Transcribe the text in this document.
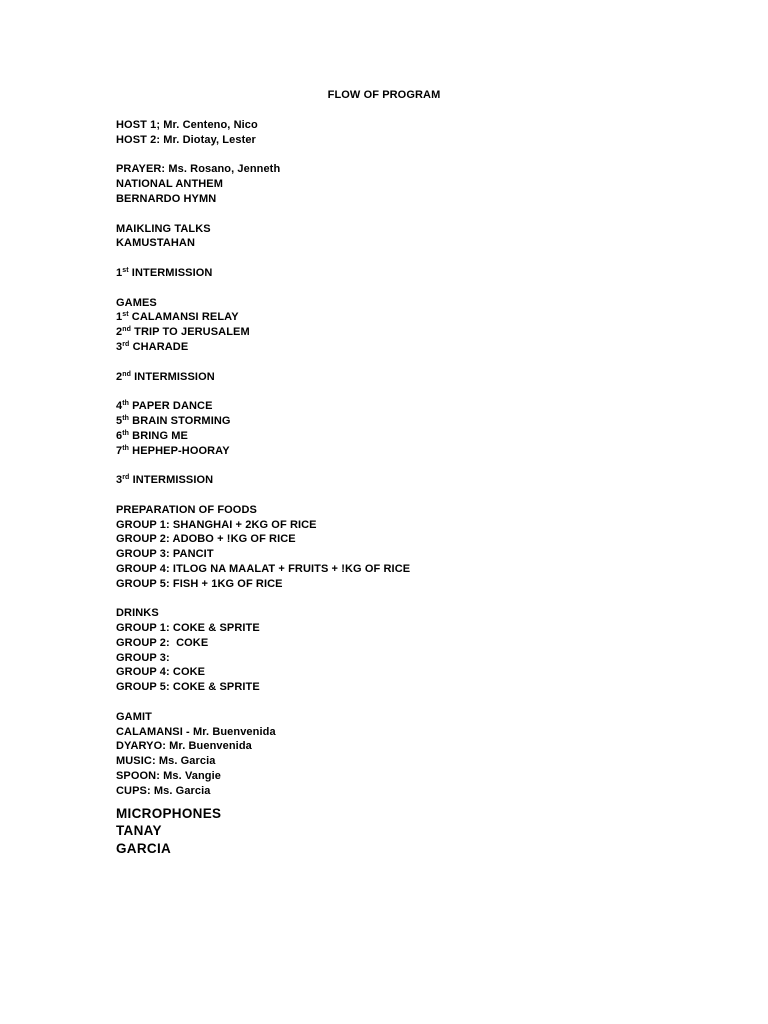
FLOW OF PROGRAM
HOST 1; Mr. Centeno, Nico
HOST 2: Mr. Diotay, Lester
PRAYER: Ms. Rosano, Jenneth
NATIONAL ANTHEM
BERNARDO HYMN
MAIKLING TALKS
KAMUSTAHAN
1st INTERMISSION
GAMES
1st CALAMANSI RELAY
2nd TRIP TO JERUSALEM
3rd CHARADE
2nd INTERMISSION
4th PAPER DANCE
5th BRAIN STORMING
6th BRING ME
7th HEPHEP-HOORAY
3rd INTERMISSION
PREPARATION OF FOODS
GROUP 1: SHANGHAI + 2KG OF RICE
GROUP 2: ADOBO + !KG OF RICE
GROUP 3: PANCIT
GROUP 4: ITLOG NA MAALAT + FRUITS + !KG OF RICE
GROUP 5: FISH + 1KG OF RICE
DRINKS
GROUP 1: COKE & SPRITE
GROUP 2:  COKE
GROUP 3:
GROUP 4: COKE
GROUP 5: COKE & SPRITE
GAMIT
CALAMANSI - Mr. Buenvenida
DYARYO: Mr. Buenvenida
MUSIC: Ms. Garcia
SPOON: Ms. Vangie
CUPS: Ms. Garcia
MICROPHONES
TANAY
GARCIA
